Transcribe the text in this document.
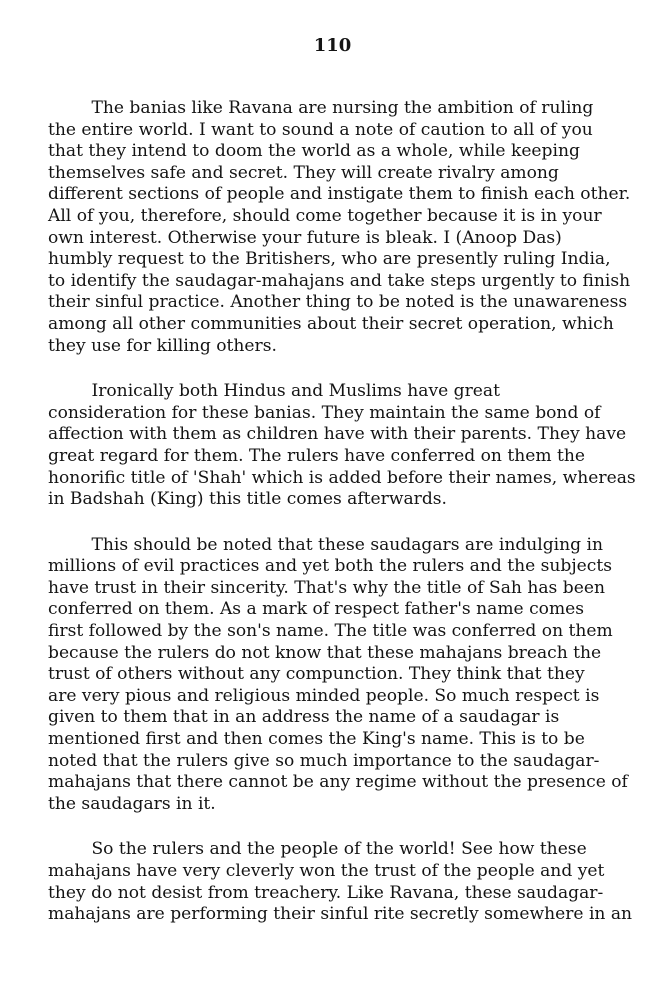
110
The banias like Ravana are nursing the ambition of ruling
the entire world. I want to sound a note of caution to all of you
that they intend to doom the world as a whole, while keeping
themselves safe and secret. They will create rivalry among
different sections of people and instigate them to finish each other.
All of you, therefore, should come together because it is in your
own interest. Otherwise your future is bleak. I (Anoop Das)
humbly request to the Britishers, who are presently ruling India,
to identify the saudagar-mahajans and take steps urgently to finish
their sinful practice. Another thing to be noted is the unawareness
among all other communities about their secret operation, which
they use for killing others.
Ironically both Hindus and Muslims have great
consideration for these banias. They maintain the same bond of
affection with them as children have with their parents. They have
great regard for them. The rulers have conferred on them the
honorific title of 'Shah' which is added before their names, whereas
in Badshah (King) this title comes afterwards.
This should be noted that these saudagars are indulging in
millions of evil practices and yet both the rulers and the subjects
have trust in their sincerity. That's why the title of Sah has been
conferred on them. As a mark of respect father's name comes
first followed by the son's name. The title was conferred on them
because the rulers do not know that these mahajans breach the
trust of others without any compunction. They think that they
are very pious and religious minded people. So much respect is
given to them that in an address the name of a saudagar is
mentioned first and then comes the King's name. This is to be
noted that the rulers give so much importance to the saudagar-
mahajans that there cannot be any regime without the presence of
the saudagars in it.
So the rulers and the people of the world! See how these
mahajans have very cleverly won the trust of the people and yet
they do not desist from treachery. Like Ravana, these saudagar-
mahajans are performing their sinful rite secretly somewhere in an
